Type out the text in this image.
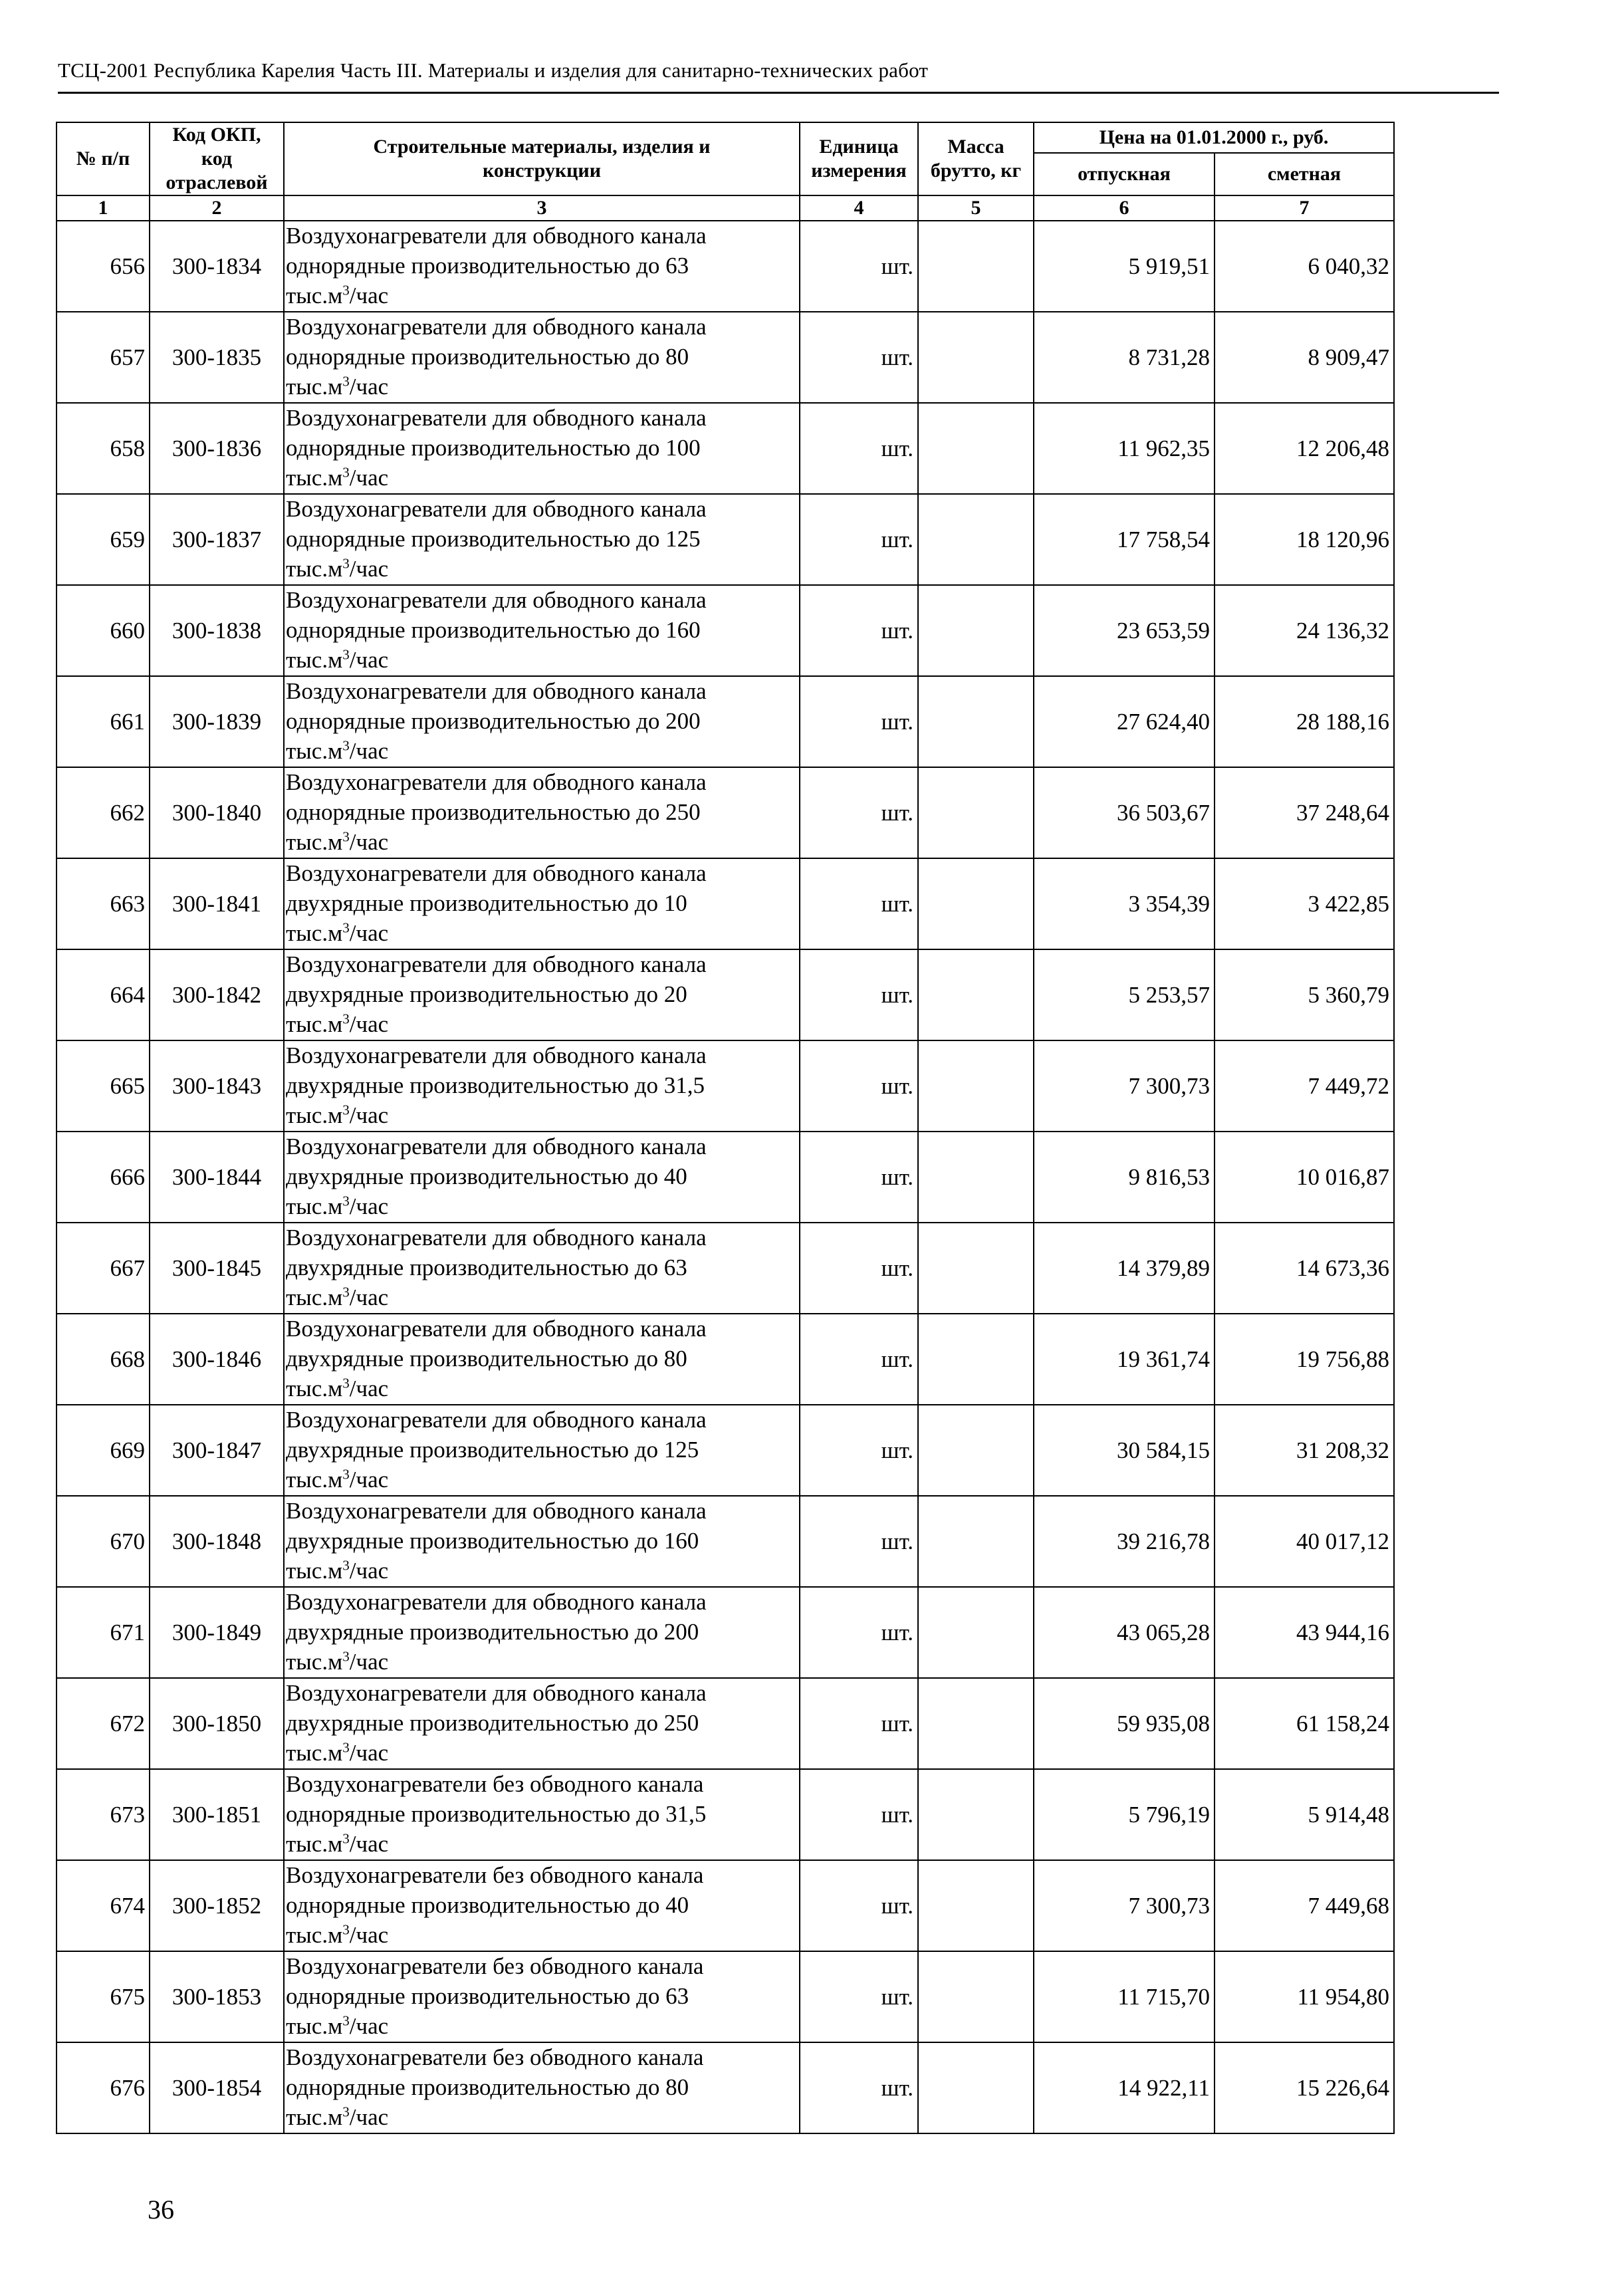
ТСЦ-2001 Республика Карелия Часть III. Материалы и изделия для санитарно-технических работ
№ п/п	Код ОКП,
код
отраслевой	Строительные материалы, изделия и
конструкции	Единица
измерения	Масса
брутто, кг	Цена на 01.01.2000 г., руб.	
					отпускная	сметная
1	2	3	4	5	6	7
656	300-1834	Воздухонагреватели для обводного канала
однорядные производительностью до 63
$тыс.м^3$/час	шт.		5 919,51	6 040,32
657	300-1835	Воздухонагреватели для обводного канала
однорядные производительностью до 80
$тыс.м^3$/час	шт.		8 731,28	8 909,47
658	300-1836	Воздухонагреватели для обводного канала
однорядные производительностью до 100
$тыс.м^3$/час	шт.		11 962,35	12 206,48
659	300-1837	Воздухонагреватели для обводного канала
однорядные производительностью до 125
$тыс.м^3$/час	шт.		17 758,54	18 120,96
660	300-1838	Воздухонагреватели для обводного канала
однорядные производительностью до 160
$тыс.м^3$/час	шт.		23 653,59	24 136,32
661	300-1839	Воздухонагреватели для обводного канала
однорядные производительностью до 200
$тыс.м^3$/час	шт.		27 624,40	28 188,16
662	300-1840	Воздухонагреватели для обводного канала
однорядные производительностью до 250
$тыс.м^3$/час	шт.		36 503,67	37 248,64
663	300-1841	Воздухонагреватели для обводного канала
двухрядные производительностью до 10
$тыс.м^3$/час	шт.		3 354,39	3 422,85
664	300-1842	Воздухонагреватели для обводного канала
двухрядные производительностью до 20
$тыс.м^3$/час	шт.		5 253,57	5 360,79
665	300-1843	Воздухонагреватели для обводного канала
двухрядные производительностью до 31,5
$тыс.м^3$/час	шт.		7 300,73	7 449,72
666	300-1844	Воздухонагреватели для обводного канала
двухрядные производительностью до 40
$тыс.м^3$/час	шт.		9 816,53	10 016,87
667	300-1845	Воздухонагреватели для обводного канала
двухрядные производительностью до 63
$тыс.м^3$/час	шт.		14 379,89	14 673,36
668	300-1846	Воздухонагреватели для обводного канала
двухрядные производительностью до 80
$тыс.м^3$/час	шт.		19 361,74	19 756,88
669	300-1847	Воздухонагреватели для обводного канала
двухрядные производительностью до 125
$тыс.м^3$/час	шт.		30 584,15	31 208,32
670	300-1848	Воздухонагреватели для обводного канала
двухрядные производительностью до 160
$тыс.м^3$/час	шт.		39 216,78	40 017,12
671	300-1849	Воздухонагреватели для обводного канала
двухрядные производительностью до 200
$тыс.м^3$/час	шт.		43 065,28	43 944,16
672	300-1850	Воздухонагреватели для обводного канала
двухрядные производительностью до 250
$тыс.м^3$/час	шт.		59 935,08	61 158,24
673	300-1851	Воздухонагреватели без обводного канала
однорядные производительностью до 31,5
$тыс.м^3$/час	шт.		5 796,19	5 914,48
674	300-1852	Воздухонагреватели без обводного канала
однорядные производительностью до 40
$тыс.м^3$/час	шт.		7 300,73	7 449,68
675	300-1853	Воздухонагреватели без обводного канала
однорядные производительностью до 63
$тыс.м^3$/час	шт.		11 715,70	11 954,80
676	300-1854	Воздухонагреватели без обводного канала
однорядные производительностью до 80
$тыс.м^3$/час	шт.		14 922,11	15 226,64
36
